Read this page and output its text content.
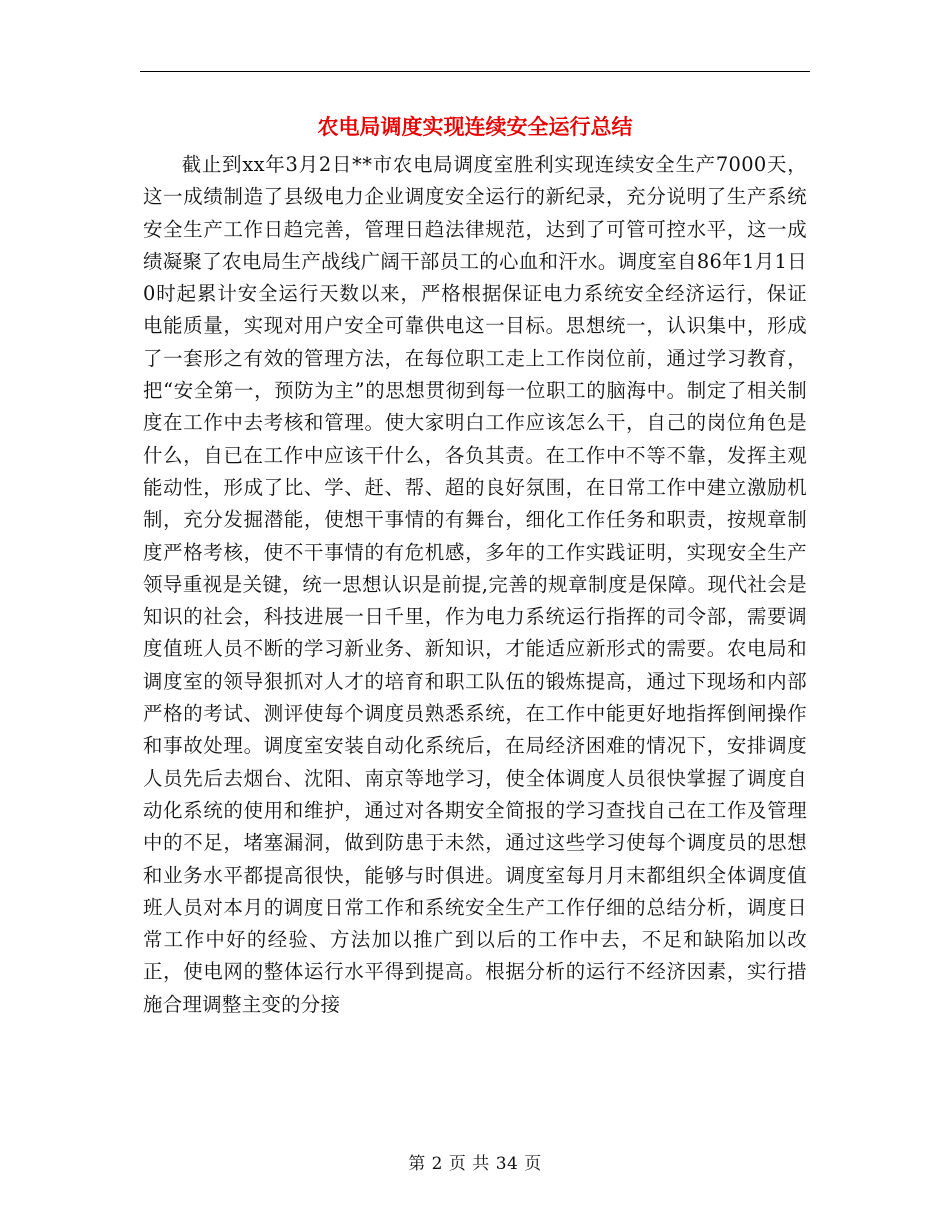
农电局调度实现连续安全运行总结

截止到xx年3月2日**市农电局调度室胜利实现连续安全生产7000天，这一成绩制造了县级电力企业调度安全运行的新纪录，充分说明了生产系统安全生产工作日趋完善，管理日趋法律规范，达到了可管可控水平，这一成绩凝聚了农电局生产战线广阔干部员工的心血和汗水。调度室自86年1月1日0时起累计安全运行天数以来，严格根据保证电力系统安全经济运行，保证电能质量，实现对用户安全可靠供电这一目标。思想统一，认识集中，形成了一套形之有效的管理方法，在每位职工走上工作岗位前，通过学习教育，把“安全第一，预防为主”的思想贯彻到每一位职工的脑海中。制定了相关制度在工作中去考核和管理。使大家明白工作应该怎么干，自己的岗位角色是什么，自已在工作中应该干什么，各负其责。在工作中不等不靠，发挥主观能动性，形成了比、学、赶、帮、超的良好氛围，在日常工作中建立激励机制，充分发掘潜能，使想干事情的有舞台，细化工作任务和职责，按规章制度严格考核，使不干事情的有危机感，多年的工作实践证明，实现安全生产领导重视是关键，统一思想认识是前提,完善的规章制度是保障。现代社会是知识的社会，科技进展一日千里，作为电力系统运行指挥的司令部，需要调度值班人员不断的学习新业务、新知识，才能适应新形式的需要。农电局和调度室的领导狠抓对人才的培育和职工队伍的锻炼提高，通过下现场和内部严格的考试、测评使每个调度员熟悉系统，在工作中能更好地指挥倒闸操作和事故处理。调度室安装自动化系统后，在局经济困难的情况下，安排调度人员先后去烟台、沈阳、南京等地学习，使全体调度人员很快掌握了调度自动化系统的使用和维护，通过对各期安全简报的学习查找自己在工作及管理中的不足，堵塞漏洞，做到防患于未然，通过这些学习使每个调度员的思想和业务水平都提高很快，能够与时俱进。调度室每月月末都组织全体调度值班人员对本月的调度日常工作和系统安全生产工作仔细的总结分析，调度日常工作中好的经验、方法加以推广到以后的工作中去，不足和缺陷加以改正，使电网的整体运行水平得到提高。根据分析的运行不经济因素，实行措施合理调整主变的分接

第 2 页 共 34 页
